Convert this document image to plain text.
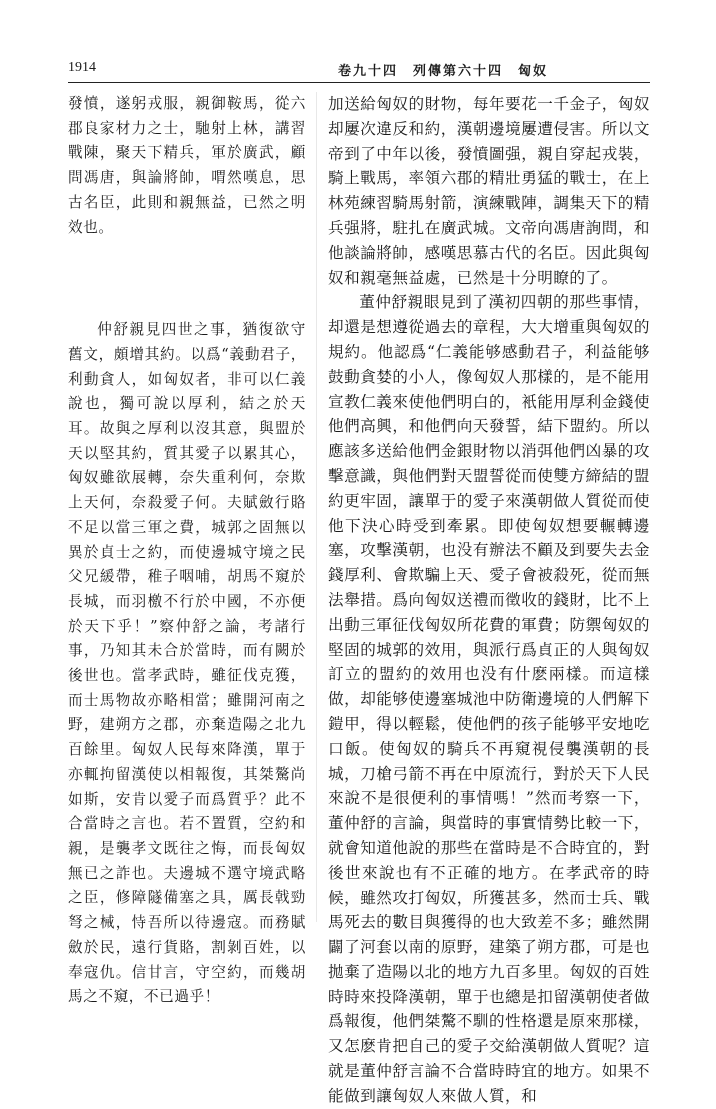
1914	卷九十四　列傳第六十四　匈奴

發憤，遂躬戎服，親御鞍馬，從六郡良家材力之士，馳射上林，講習戰陳，聚天下精兵，軍於廣武，顧問馮唐，與論將帥，喟然嘆息，思古名臣，此則和親無益，已然之明效也。

仲舒親見四世之事，猶復欲守舊文，頗增其約。以爲“義動君子，利動貪人，如匈奴者，非可以仁義說也，獨可說以厚利，結之於天耳。故與之厚利以沒其意，與盟於天以堅其約，質其愛子以累其心，匈奴雖欲展轉，奈失重利何，奈欺上天何，奈殺愛子何。夫賦斂行賂不足以當三軍之費，城郭之固無以異於貞士之約，而使邊城守境之民父兄緩帶，稚子咽哺，胡馬不窺於長城，而羽檄不行於中國，不亦便於天下乎！”察仲舒之論，考諸行事，乃知其未合於當時，而有闕於後世也。當孝武時，雖征伐克獲，而士馬物故亦略相當；雖開河南之野，建朔方之郡，亦棄造陽之北九百餘里。匈奴人民每來降漢，單于亦輒拘留漢使以相報復，其桀驁尚如斯，安肯以愛子而爲質乎？此不合當時之言也。若不置質，空約和親，是襲孝文既往之悔，而長匈奴無已之詐也。夫邊城不選守境武略之臣，修障隧備塞之具，厲長戟勁弩之械，恃吾所以待邊寇。而務賦斂於民，遠行貨賂，割剝百姓，以奉寇仇。信甘言，守空約，而幾胡馬之不窺，不已過乎！

加送給匈奴的財物，每年要花一千金子，匈奴却屢次違反和約，漢朝邊境屢遭侵害。所以文帝到了中年以後，發憤圖强，親自穿起戎裝，騎上戰馬，率領六郡的精壯勇猛的戰士，在上林苑練習騎馬射箭，演練戰陣，調集天下的精兵强將，駐扎在廣武城。文帝向馮唐詢問，和他談論將帥，感嘆思慕古代的名臣。因此與匈奴和親毫無益處，已然是十分明瞭的了。

董仲舒親眼見到了漢初四朝的那些事情，却還是想遵從過去的章程，大大增重與匈奴的規約。他認爲“仁義能够感動君子，利益能够鼓動貪婪的小人，像匈奴人那樣的，是不能用宣教仁義來使他們明白的，衹能用厚利金錢使他們高興，和他們向天發誓，結下盟約。所以應該多送給他們金銀財物以消弭他們凶暴的攻擊意識，與他們對天盟誓從而使雙方締結的盟約更牢固，讓單于的愛子來漢朝做人質從而使他下決心時受到牽累。即使匈奴想要輾轉邊塞，攻擊漢朝，也没有辦法不顧及到要失去金錢厚利、會欺騙上天、愛子會被殺死，從而無法舉措。爲向匈奴送禮而徵收的錢財，比不上出動三軍征伐匈奴所花費的軍費；防禦匈奴的堅固的城郭的效用，與派行爲貞正的人與匈奴訂立的盟約的效用也没有什麽兩樣。而這樣做，却能够使邊塞城池中防衛邊境的人們解下鎧甲，得以輕鬆，使他們的孩子能够平安地吃口飯。使匈奴的騎兵不再窺視侵襲漢朝的長城，刀槍弓箭不再在中原流行，對於天下人民來說不是很便利的事情嗎！”然而考察一下，董仲舒的言論，與當時的事實情勢比較一下，就會知道他說的那些在當時是不合時宜的，對後世來說也有不正確的地方。在孝武帝的時候，雖然攻打匈奴，所獲甚多，然而士兵、戰馬死去的數目與獲得的也大致差不多；雖然開闢了河套以南的原野，建築了朔方郡，可是也拋棄了造陽以北的地方九百多里。匈奴的百姓時時來投降漢朝，單于也總是扣留漢朝使者做爲報復，他們桀驁不馴的性格還是原來那樣，又怎麽肯把自己的愛子交給漢朝做人質呢？這就是董仲舒言論不合當時時宜的地方。如果不能做到讓匈奴人來做人質，和
